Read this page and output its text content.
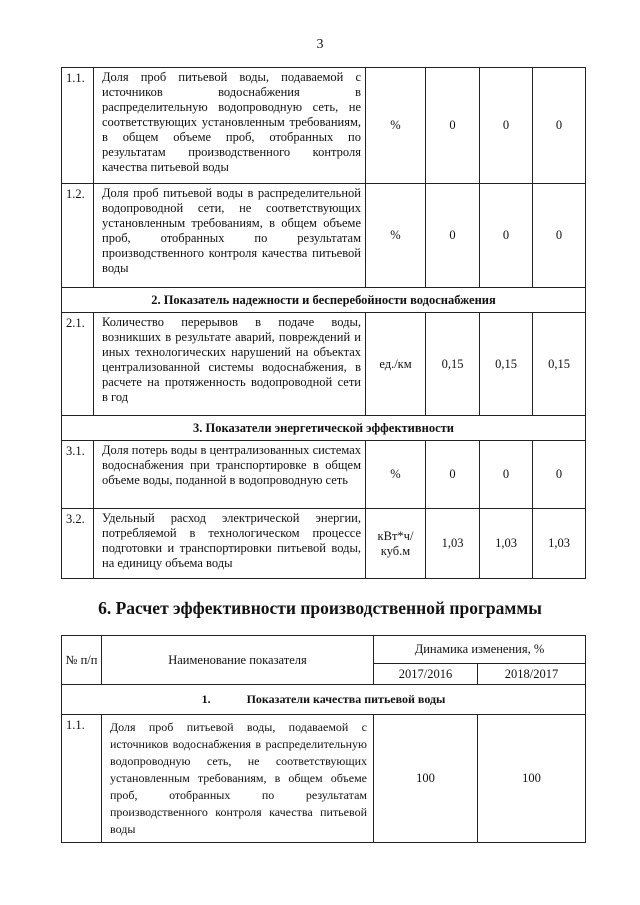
3
1.1.	Доля проб питьевой воды, подаваемой с источников водоснабжения в распределительную водопроводную сеть, не соответствующих установленным требованиям, в общем объеме проб, отобранных по результатам производственного контроля качества питьевой воды	%	0	0	0
1.2.	Доля проб питьевой воды в распределительной водопроводной сети, не соответствующих установленным требованиям, в общем объеме проб, отобранных по результатам производственного контроля качества питьевой воды	%	0	0	0
2. Показатель надежности и бесперебойности водоснабжения					
2.1.	Количество перерывов в подаче воды, возникших в результате аварий, повреждений и иных технологических нарушений на объектах централизованной системы водоснабжения, в расчете на протяженность водопроводной сети в год	ед./км	0,15	0,15	0,15
3. Показатели энергетической эффективности					
3.1.	Доля потерь воды в централизованных системах водоснабжения при транспортировке в общем объеме воды, поданной в водопроводную сеть	%	0	0	0
3.2.	Удельный расход электрической энергии, потребляемой в технологическом процессе подготовки и транспортировки питьевой воды, на единицу объема воды	кВт*ч/ куб.м	1,03	1,03	1,03
6. Расчет эффективности производственной программы
№ п/п	Наименование показателя	Динамика изменения, %	
		2017/2016	2018/2017
1. Показатели качества питьевой воды			
1.1.	Доля проб питьевой воды, подаваемой с источников водоснабжения в распределительную водопроводную сеть, не соответствующих установленным требованиям, в общем объеме проб, отобранных по результатам производственного контроля качества питьевой воды	100	100
